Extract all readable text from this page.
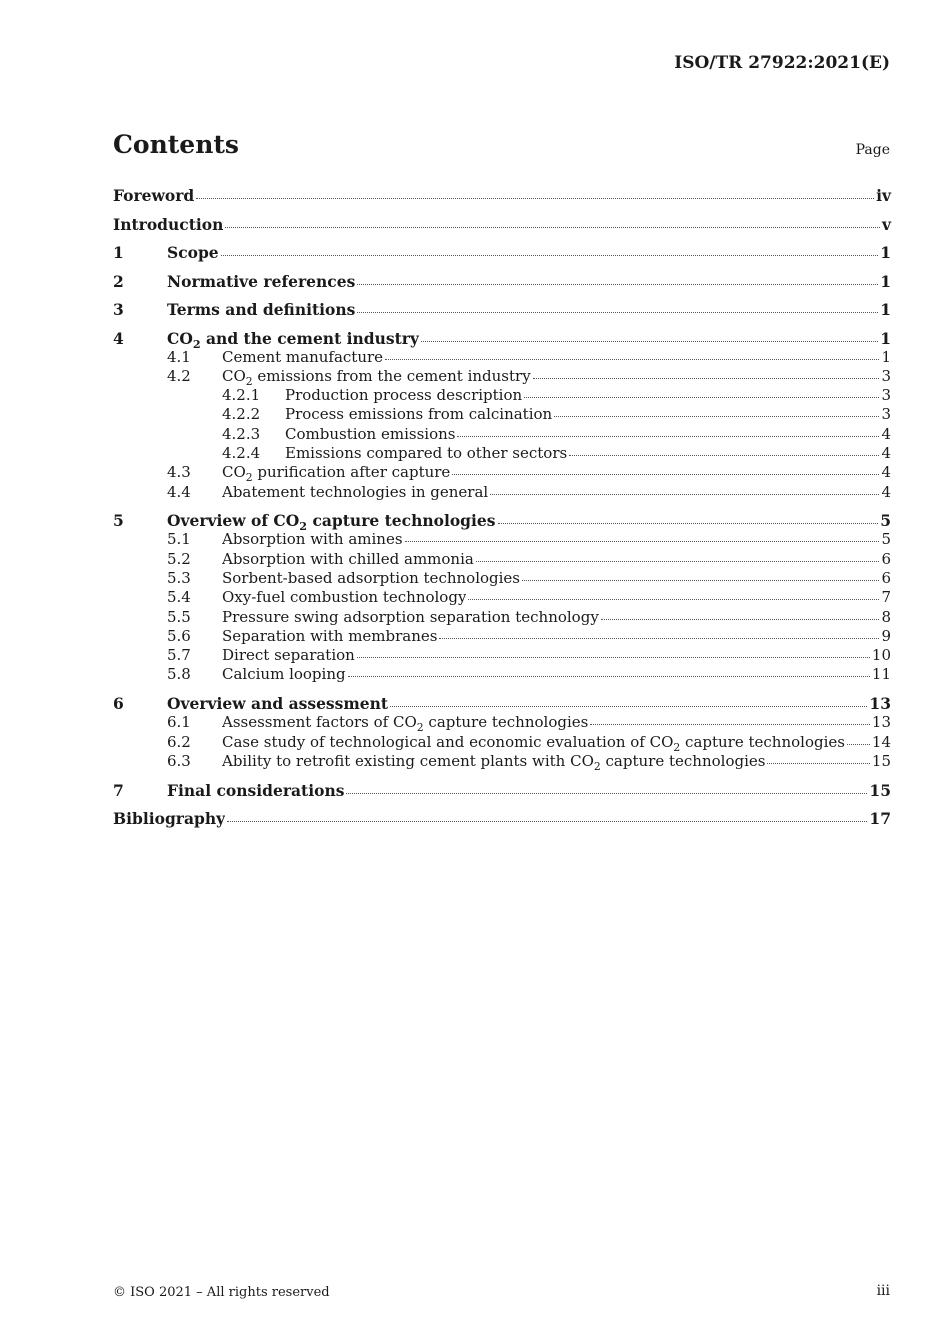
ISO/TR 27922:2021(E)
Contents	Page
Foreword	iv
Introduction	v
1	Scope	1
2	Normative references	1
3	Terms and definitions	1
4	$CO_2$ and the cement industry	1
4.1	Cement manufacture	1
4.2	$CO_2$ emissions from the cement industry	3
4.2.1	Production process description	3
4.2.2	Process emissions from calcination	3
4.2.3	Combustion emissions	4
4.2.4	Emissions compared to other sectors	4
4.3	$CO_2$ purification after capture	4
4.4	Abatement technologies in general	4
5	Overview of $CO_2$ capture technologies	5
5.1	Absorption with amines	5
5.2	Absorption with chilled ammonia	6
5.3	Sorbent-based adsorption technologies	6
5.4	Oxy-fuel combustion technology	7
5.5	Pressure swing adsorption separation technology	8
5.6	Separation with membranes	9
5.7	Direct separation	10
5.8	Calcium looping	11
6	Overview and assessment	13
6.1	Assessment factors of $CO_2$ capture technologies	13
6.2	Case study of technological and economic evaluation of $CO_2$ capture technologies 14
6.3	Ability to retrofit existing cement plants with $CO_2$ capture technologies	15
7	Final considerations	15
Bibliography	17
© ISO 2021 – All rights reserved	iii
